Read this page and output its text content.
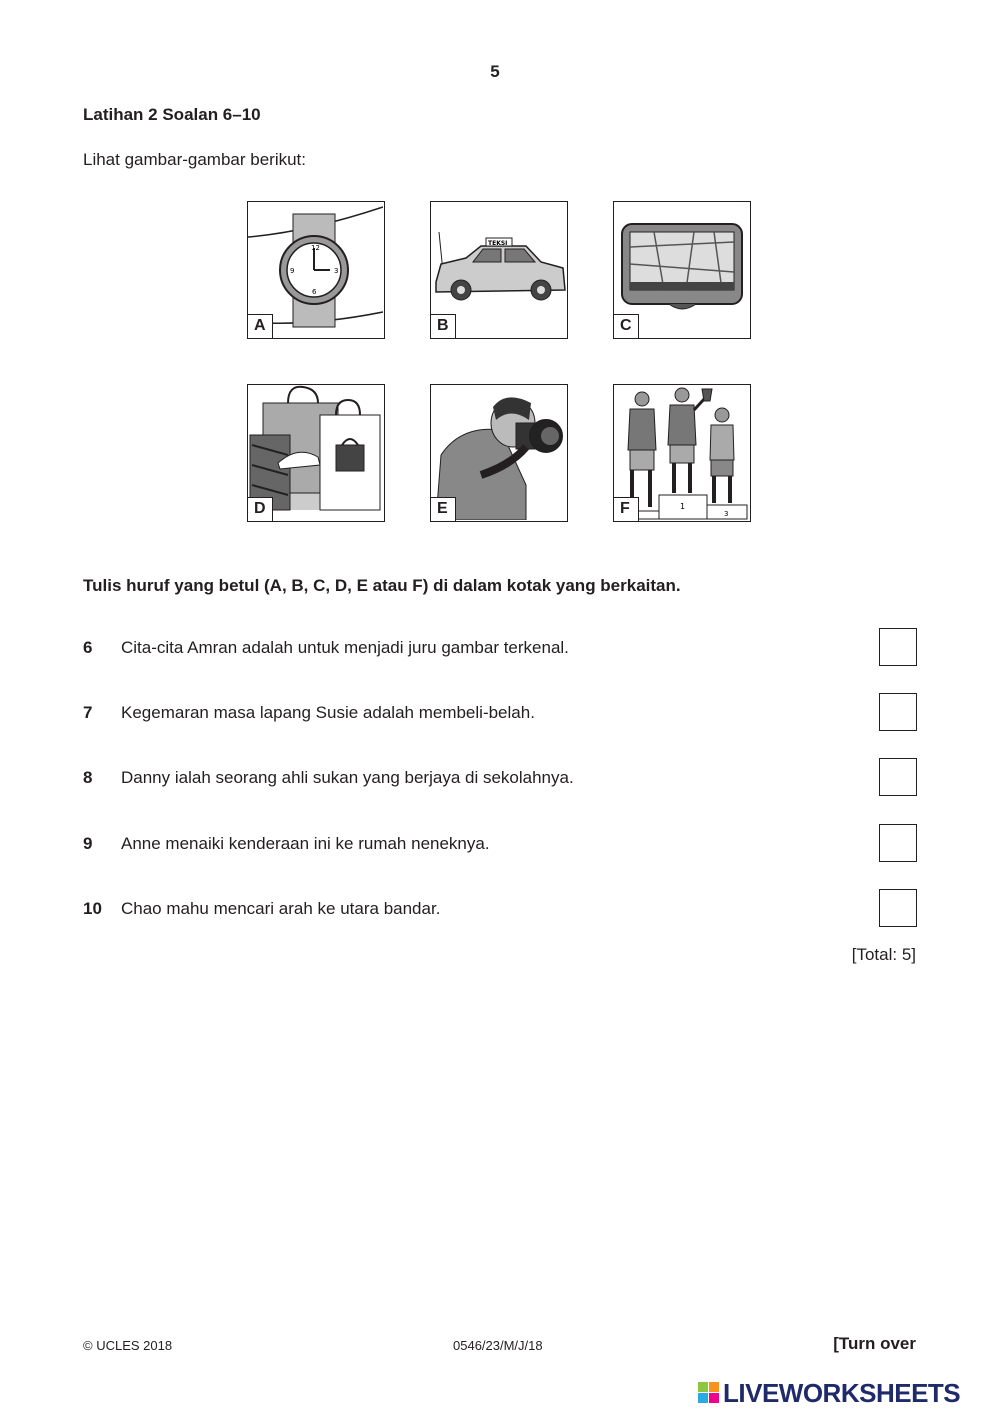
5
Latihan 2 Soalan 6–10
Lihat gambar-gambar berikut:
12
3
6
9
A
TEKSI
B	C
D	E	1
3
F
Tulis huruf yang betul (A, B, C, D, E atau F) di dalam kotak yang berkaitan.
6 Cita-cita Amran adalah untuk menjadi juru gambar terkenal.
7 Kegemaran masa lapang Susie adalah membeli-belah.
8 Danny ialah seorang ahli sukan yang berjaya di sekolahnya.
9 Anne menaiki kenderaan ini ke rumah neneknya.
10 Chao mahu mencari arah ke utara bandar.
[Total: 5]
© UCLES 2018	0546/23/M/J/18	[Turn over
LIVEWORKSHEETS
